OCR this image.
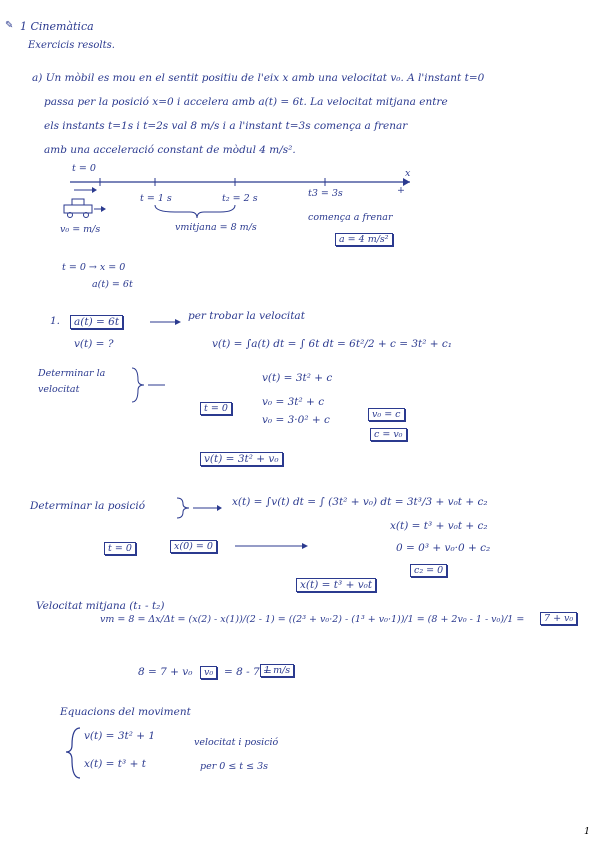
✎ 1 Cinemàtica
Exercicis resolts.
a) Un mòbil es mou en el sentit positiu de l'eix x amb una velocitat v₀. A l'instant t=0
passa per la posició x=0 i accelera amb a(t) = 6t. La velocitat mitjana entre
els instants t=1s i t=2s val 8 m/s i a l'instant t=3s comença a frenar
amb una acceleració constant de mòdul 4 m/s².
t = 0	x
t = 1 s	t₂ = 2 s	t3 = 3s	+
v₀ = m/s	vmitjana = 8 m/s
comença a frenar
a = 4 m/s²
t = 0 → x = 0
a(t) = 6t
1.	a(t) = 6t
v(t) = ?
per trobar la velocitat
v(t) = ∫a(t) dt = ∫ 6t dt = 6t²/2 + c = 3t² + c₁
Determinar la
velocitat
v(t) = 3t² + c
t = 0
v₀ = 3t² + c
v₀ = 3·0² + c	v₀ = c
c = v₀
v(t) = 3t² + v₀
Determinar la posició	x(t) = ∫v(t) dt = ∫ (3t² + v₀) dt = 3t³/3 + v₀t + c₂
x(t) = t³ + v₀t + c₂
t = 0	x(0) = 0	0 = 0³ + v₀·0 + c₂
c₂ = 0
x(t) = t³ + v₀t
Velocitat mitjana (t₁ - t₂)
vm = 8 = Δx/Δt = (x(2) - x(1))/(2 - 1) = ((2³ + v₀·2) - (1³ + v₀·1))/1 = (8 + 2v₀ - 1 - v₀)/1 =	7 + v₀
8 = 7 + v₀	v₀	= 8 - 7 =
1 m/s
Equacions del moviment
v(t) = 3t² + 1
x(t) = t³ + t
velocitat i posició
per 0 ≤ t ≤ 3s
1
